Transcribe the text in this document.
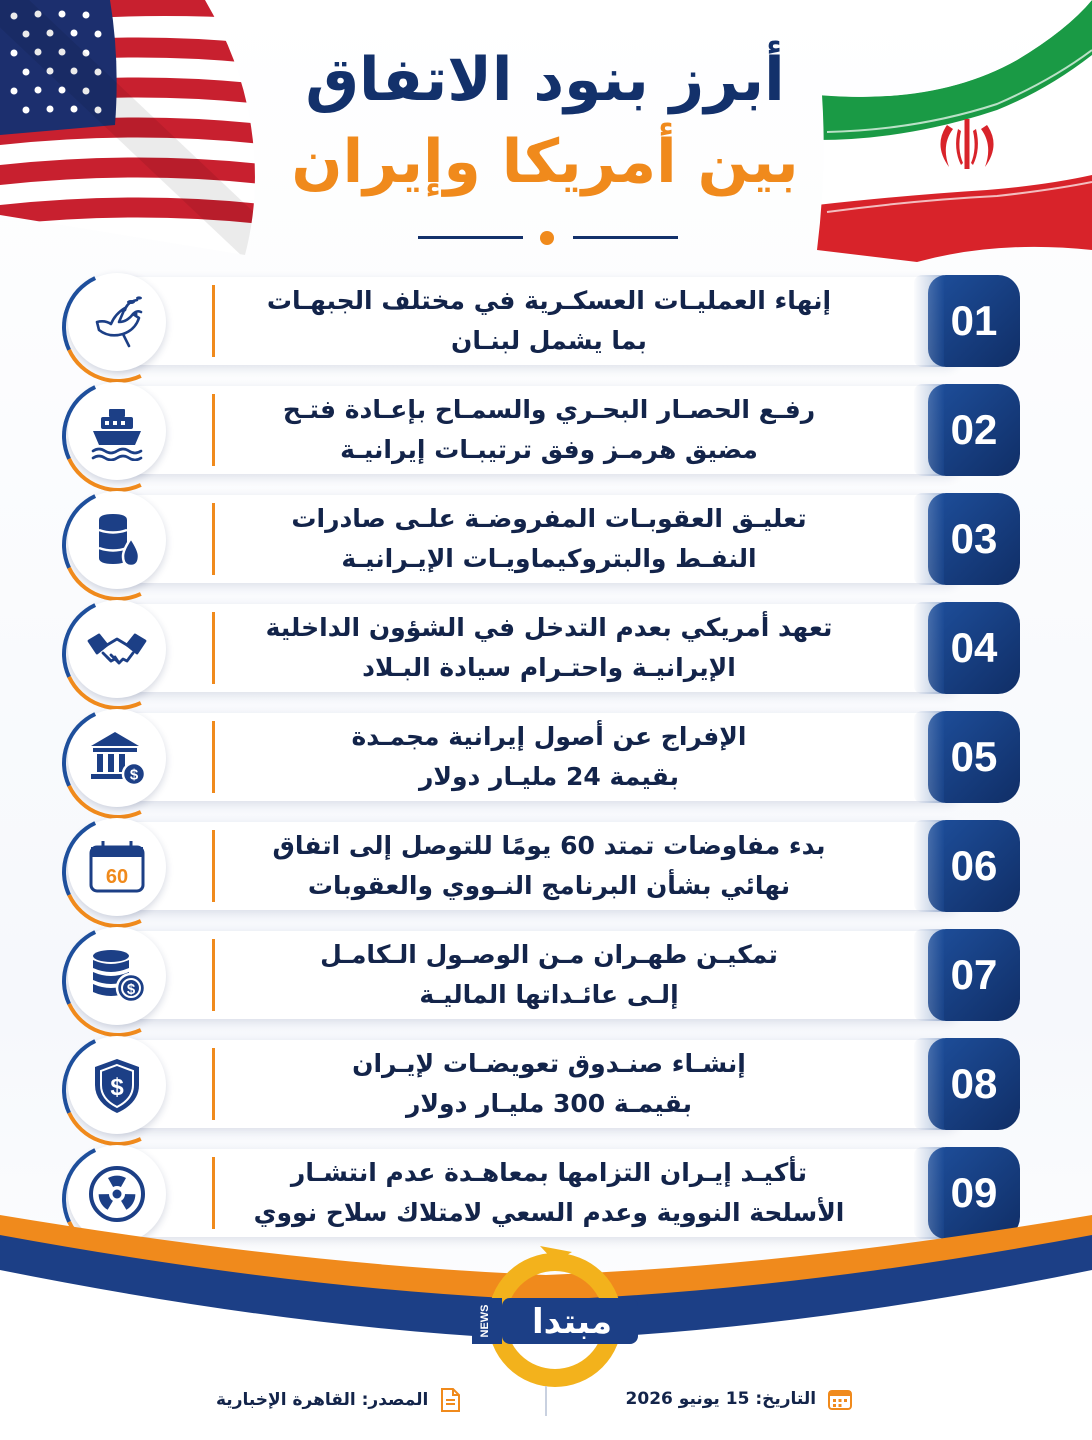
أبرز بنود الاتفاق
بين أمريكا وإيران
01
إنهاء العمليـات العسكـرية في مختلف الجبهـات
بما يشمل لبنـان
02
رفـع الحصـار البحـري والسمـاح بإعـادة فتـح
مضيق هرمـز وفق ترتيبـات إيرانيـة
03
تعليـق العقوبـات المفروضـة علـى صادرات
النفـط والبتروكيماويـات الإيـرانيـة
04
تعهد أمريكي بعدم التدخل في الشؤون الداخلية
الإيرانيـة واحتـرام سيادة البـلاد
05
$
الإفراج عن أصول إيرانية مجمـدة
بقيمة 24 مليـار دولار
06
60
بدء مفاوضات تمتد 60 يومًا للتوصل إلى اتفاق
نهائي بشأن البرنامج النـووي والعقوبات
07
$
تمكيـن طهـران مـن الوصـول الـكامـل
إلـى عائـداتها الماليـة
08
$
إنشـاء صنـدوق تعويضـات لإيـران
بقيمـة 300 مليـار دولار
09
تأكيـد إيـران التزامها بمعاهـدة عدم انتشـار
الأسلحة النووية وعدم السعي لامتلاك سلاح نووي
NEWS مبتدا
التاريخ: 15 يونيو 2026
المصدر: القاهرة الإخبارية
